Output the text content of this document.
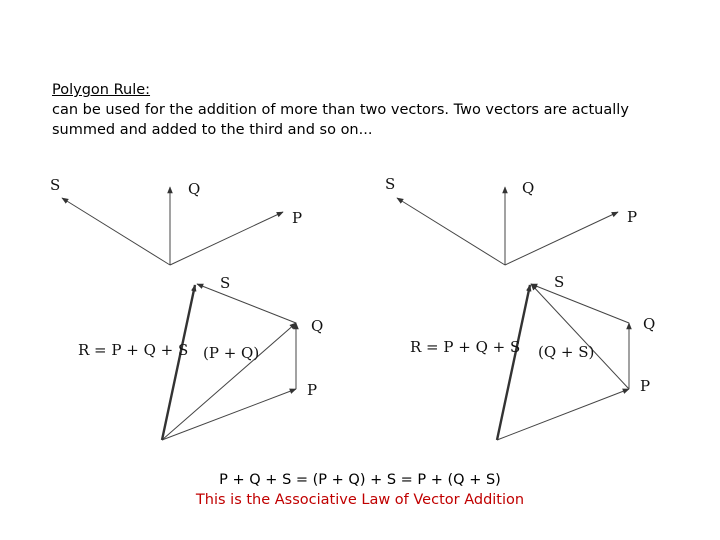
Polygon Rule:
can be used for the addition of more than two vectors. Two vectors are actually summed and added to the third and so on...
S	Q
P
S	Q
P
S
Q
P
R = P + Q + S (P + Q)
S
Q
P
R = P + Q + S (Q + S)
P + Q + S = (P + Q) + S = P + (Q + S)
This is the Associative Law of Vector Addition
